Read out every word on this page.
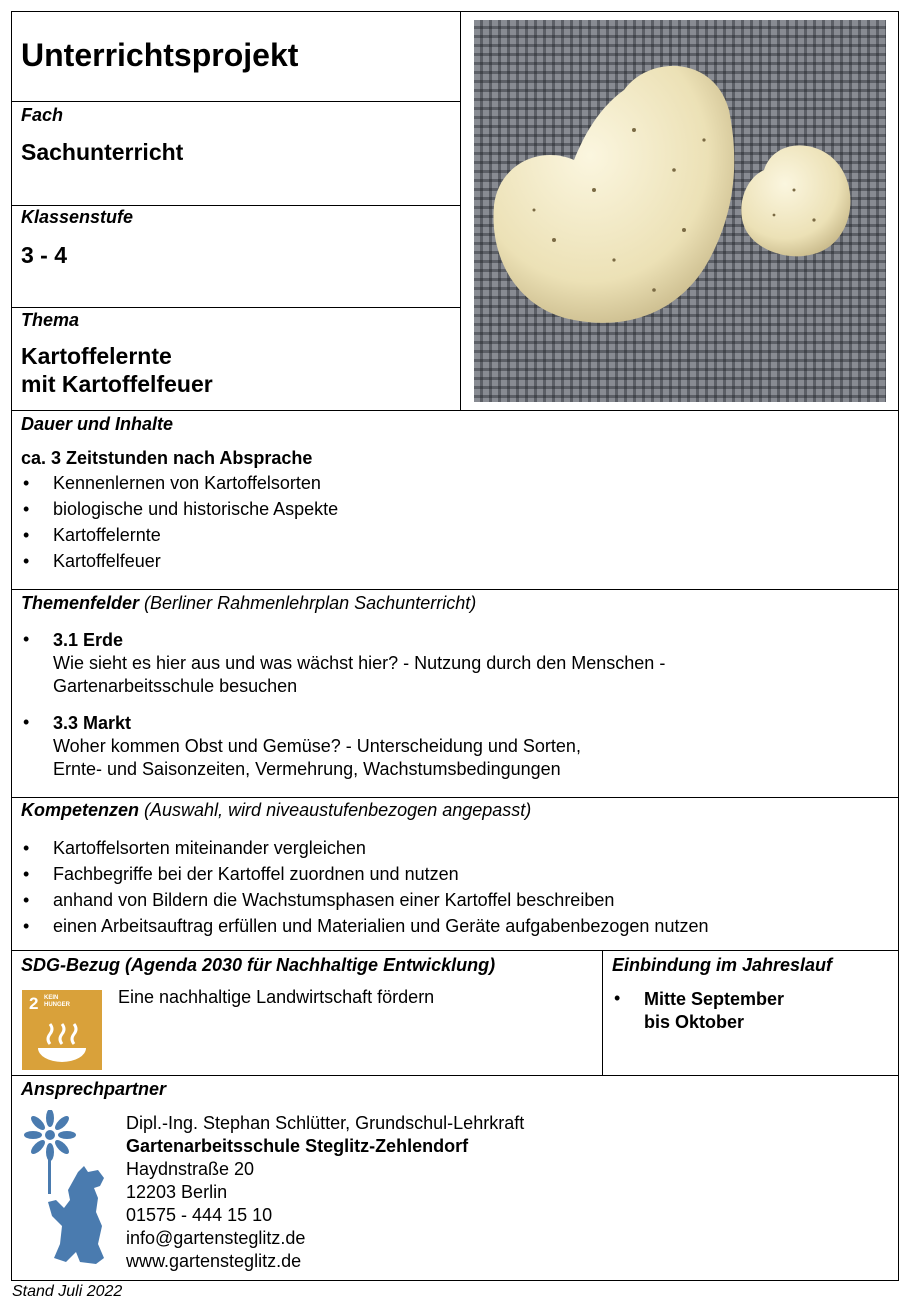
Unterrichtsprojekt
Fach
Sachunterricht
Klassenstufe
3 - 4
Thema
Kartoffelernte
mit Kartoffelfeuer
Dauer und Inhalte
ca. 3 Zeitstunden nach Absprache
• Kennenlernen von Kartoffelsorten
• biologische und historische Aspekte
• Kartoffelernte
• Kartoffelfeuer
Themenfelder (Berliner Rahmenlehrplan Sachunterricht)
• 3.1 Erde
Wie sieht es hier aus und was wächst hier? - Nutzung durch den Menschen -
Gartenarbeitsschule besuchen
• 3.3 Markt
Woher kommen Obst und Gemüse? - Unterscheidung und Sorten,
Ernte- und Saisonzeiten, Vermehrung, Wachstumsbedingungen
Kompetenzen (Auswahl, wird niveaustufenbezogen angepasst)
• Kartoffelsorten miteinander vergleichen
• Fachbegriffe bei der Kartoffel zuordnen und nutzen
• anhand von Bildern die Wachstumsphasen einer Kartoffel beschreiben
• einen Arbeitsauftrag erfüllen und Materialien und Geräte aufgabenbezogen nutzen
SDG-Bezug (Agenda 2030 für Nachhaltige Entwicklung)
2 KEIN
HUNGER	Eine nachhaltige Landwirtschaft fördern
Einbindung im Jahreslauf
• Mitte September
bis Oktober
Ansprechpartner
Dipl.-Ing. Stephan Schlütter, Grundschul-Lehrkraft
Gartenarbeitsschule Steglitz-Zehlendorf
Haydnstraße 20
12203 Berlin
01575 - 444 15 10
info@gartensteglitz.de
www.gartensteglitz.de
Stand Juli 2022
